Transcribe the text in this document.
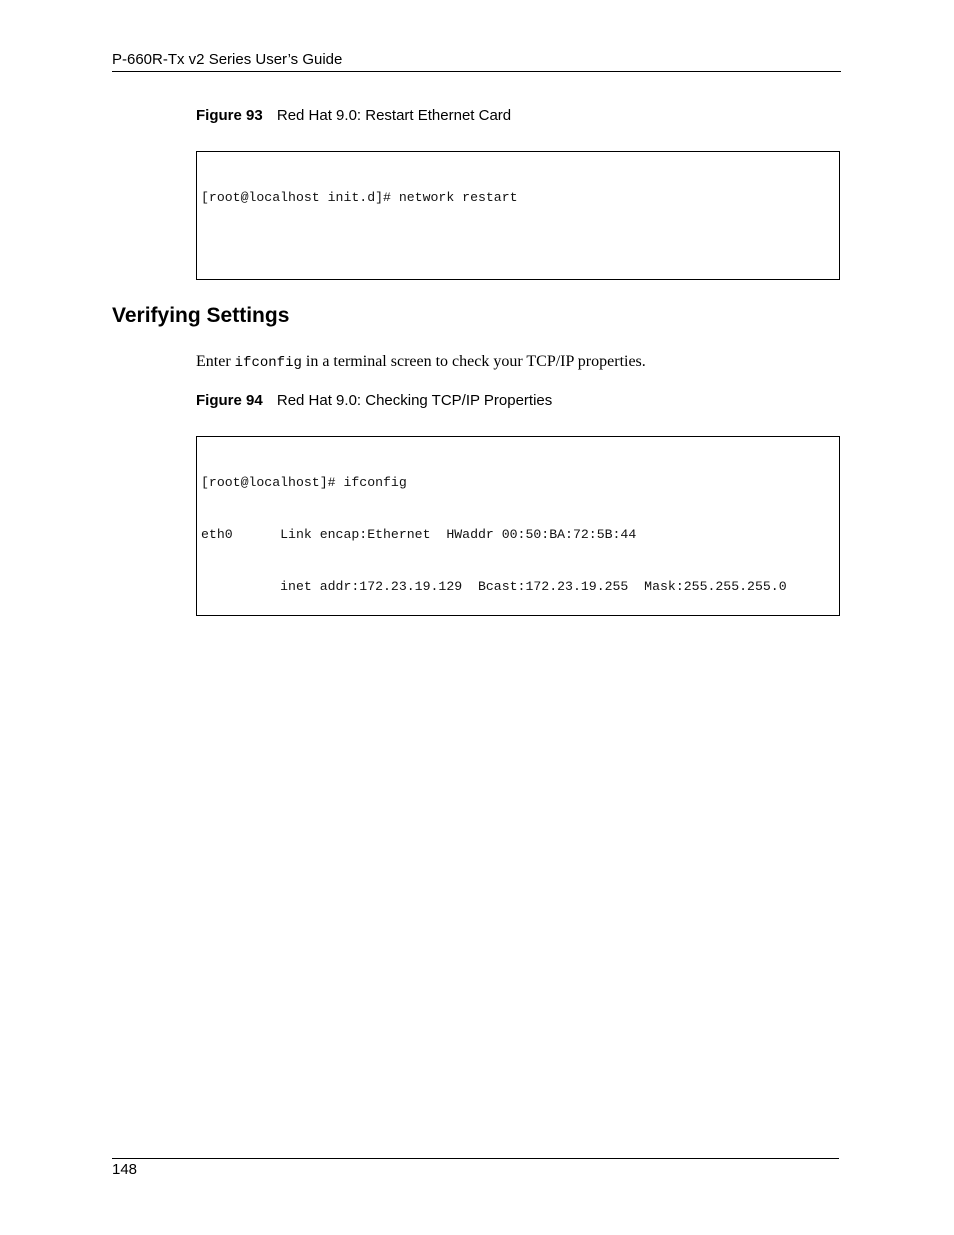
P-660R-Tx v2 Series User’s Guide
Figure 93 Red Hat 9.0: Restart Ethernet Card

[root@localhost init.d]# network restart

Verifying Settings
Enter ifconfig in a terminal screen to check your TCP/IP properties.
Figure 94 Red Hat 9.0: Checking TCP/IP Properties

[root@localhost]# ifconfig

eth0      Link encap:Ethernet  HWaddr 00:50:BA:72:5B:44

inet addr:172.23.19.129  Bcast:172.23.19.255  Mask:255.255.255.0

148
